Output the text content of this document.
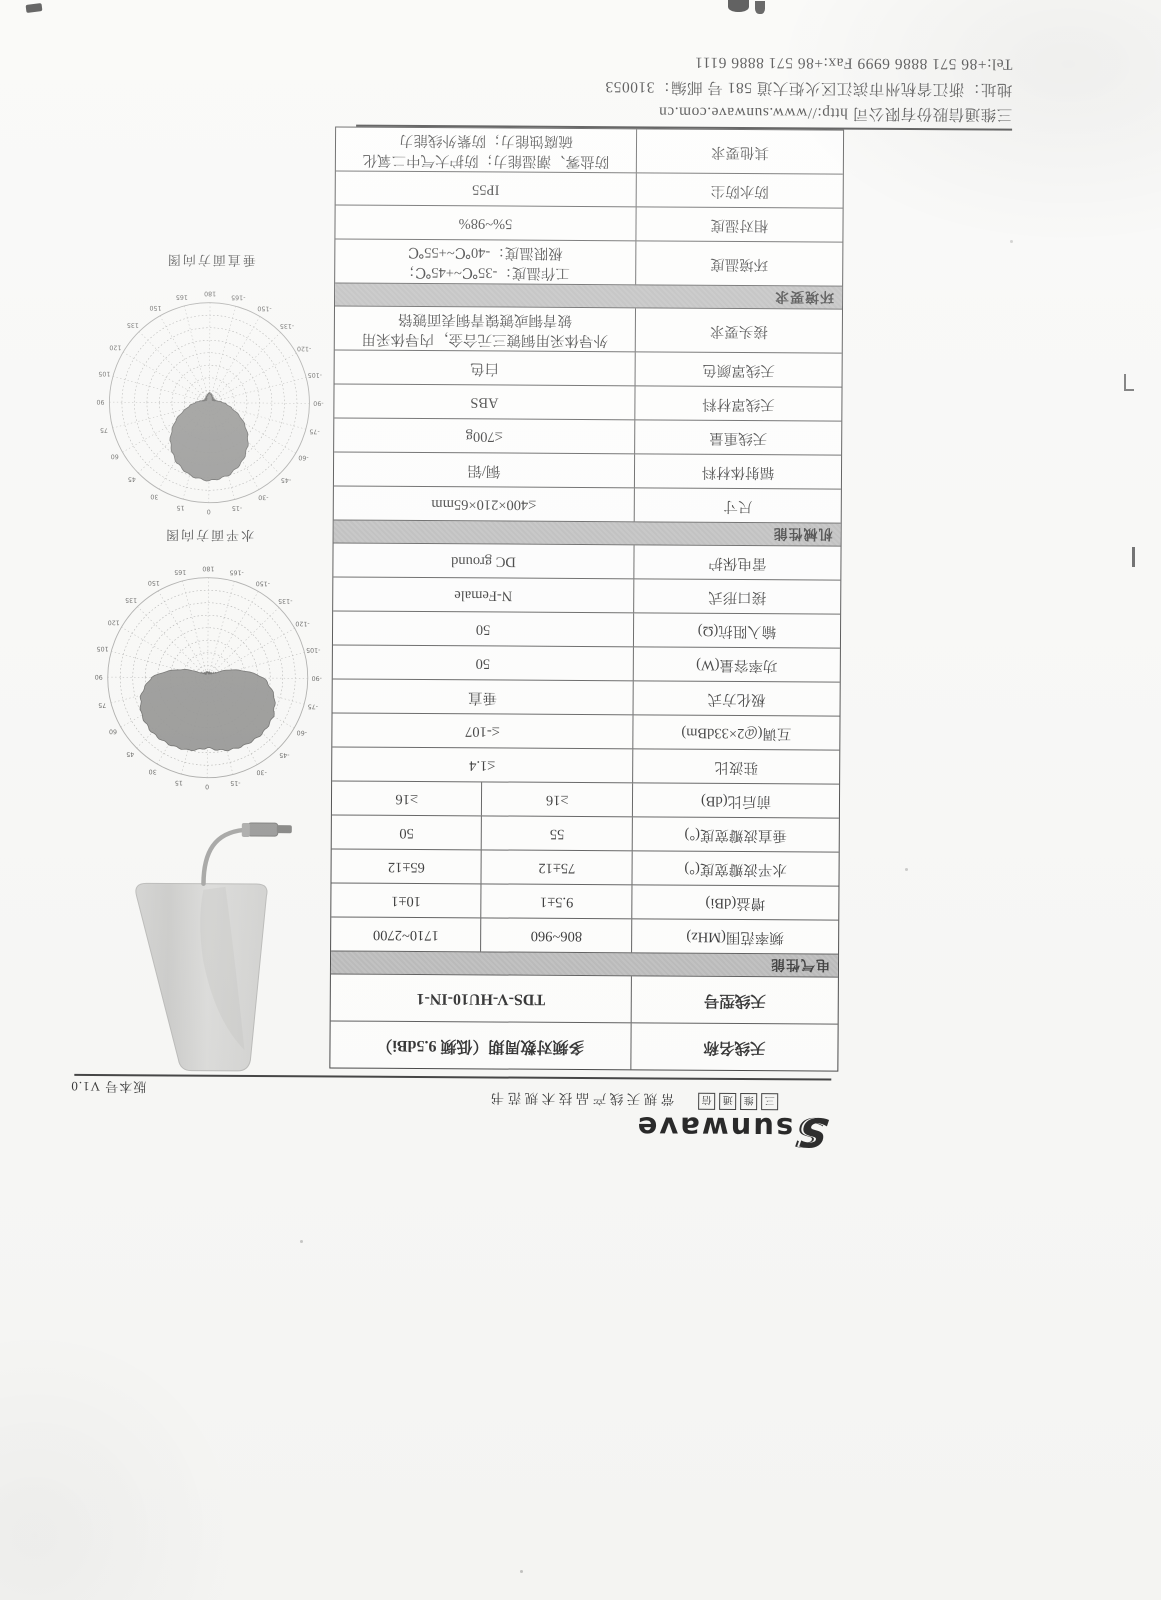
S
sunwave
三维通信
常规天线产品技术规范书
版本号 V1.0
天线名称
多频对数周期（低频 9.5dBi）
天线型号
TDS-V-HU10-IN-1
电气性能
频率范围(MHz)
806~960
1710~2700
增益(dBi)
9.5±1
10±1
水平波瓣宽度(°)
75±12
65±12
垂直波瓣宽度(°)
55
50
前后比(dB)
≥16
≥16
驻波比
≤1.4
互调(@2×33dBm)
≤-107
极化方式
垂直
功率容量(W)
50
输入阻抗(Ω)
50
接口形式
N-Female
雷电保护
DC ground
机械性能
尺寸
≤400×210×65mm
辐射体材料
铜/铝
天线重量
≤700g
天线罩材料
ABS
天线罩颜色
白色
接头要求
外导体采用铜镀三元合金，内导体采用
铍青铜或镀镍青铜表面镀铬
环境要求
环境温度
工作温度：-35℃~+45℃；
极限温度：-40℃~+55℃
相对湿度
5%~98%
防水防尘
IP55
其他要求
防盐雾、潮湿能力；防护大气中二氧化
硫腐蚀能力；防紫外线能力
0
15
30
45
60
75
90
105
120
135
150
165
180
-165
-150
-135
-120
-105
-90
-75
-60
-45
-30
-15
水平面方向图
0
15
30
45
60
75
90
105
120
135
150
165
180
-165
-150
-135
-120
-105
-90
-75
-60
-45
-30
-15
垂直面方向图
三维通信股份有限公司 http://www.sunwave.com.cn
地址：浙江省杭州市滨江区火炬大道 581 号 邮编：310053
Tel:+86 571 8886 6999 Fax:+86 571 8886 6111
